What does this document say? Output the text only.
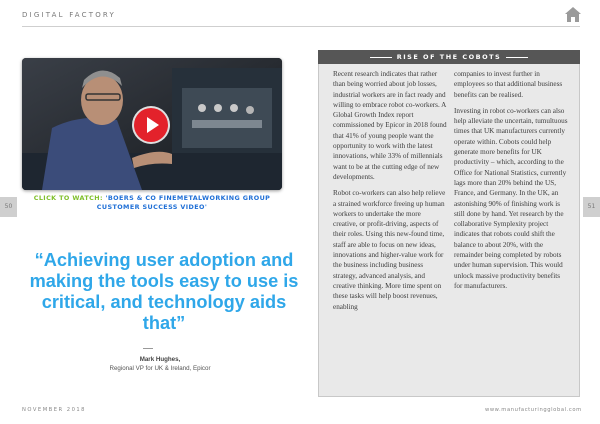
DIGITAL FACTORY
CLICK TO WATCH: 'BOERS & CO FINEMETALWORKING GROUP CUSTOMER SUCCESS VIDEO'
50	51
“Achieving user adoption and making the tools easy to use is critical, and technology aids that”
Mark Hughes,
Regional VP for UK & Ireland, Epicor
RISE OF THE COBOTS

Recent research indicates that rather than being worried about job losses, industrial workers are in fact ready and willing to embrace robot co-workers. A Global Growth Index report commissioned by Epicor in 2018 found that 41% of young people want the opportunity to work with the latest innovations, while 33% of millennials want to be at the cutting edge of new developments.

Robot co-workers can also help relieve a strained workforce freeing up human workers to undertake the more creative, or profit-driving, aspects of their roles. Using this new-found time, staff are able to focus on new ideas, innovations and higher-value work for the business including business strategy, advanced analysis, and creative thinking. More time spent on these tasks will help boost revenues, enabling

companies to invest further in employees so that additional business benefits can be realised.

Investing in robot co-workers can also help alleviate the uncertain, tumultuous times that UK manufacturers currently operate within. Cobots could help generate more benefits for UK productivity – which, according to the Office for National Statistics, currently lags more than 20% behind the US, France, and Germany. In the UK, an astonishing 90% of finishing work is still done by hand. Yet research by the collaborative Symplexity project indicates that robots could shift the balance to about 20%, with the remainder being completed by robots under human supervision. This would unlock massive productivity benefits for manufacturers.

NOVEMBER 2018	www.manufacturingglobal.com
